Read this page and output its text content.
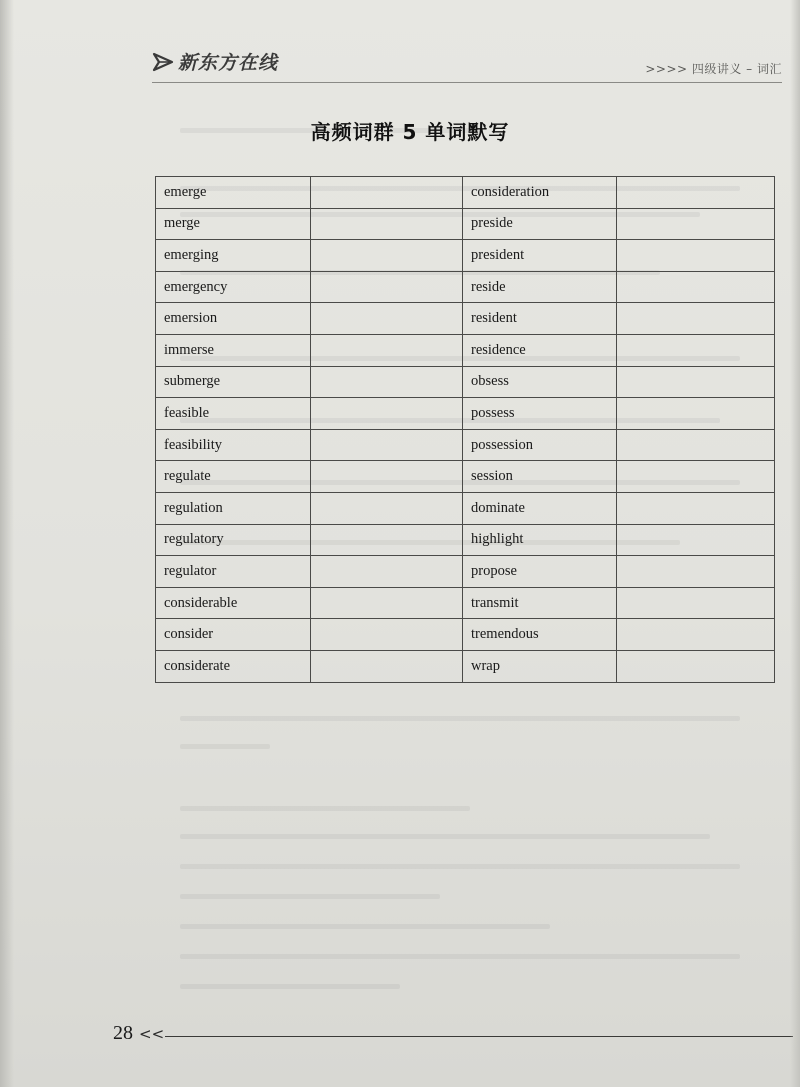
新东方在线	>>>> 四级讲义 – 词汇
高频词群 5 单词默写
emerge		consideration	
merge		preside	
emerging		president	
emergency		reside	
emersion		resident	
immerse		residence	
submerge		obsess	
feasible		possess	
feasibility		possession	
regulate		session	
regulation		dominate	
regulatory		highlight	
regulator		propose	
considerable		transmit	
consider		tremendous	
considerate		wrap	
28 <<
